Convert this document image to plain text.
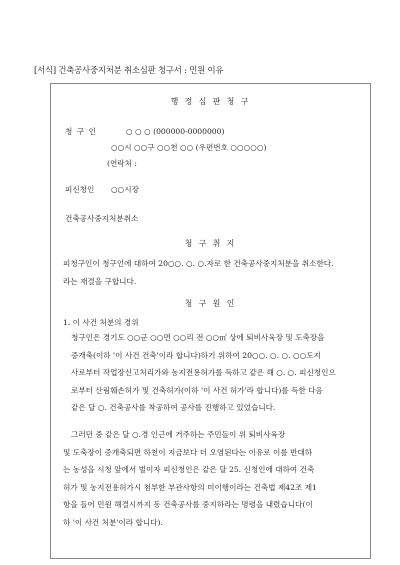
[서식] 건축공사중지처분 취소심판 청구서 : 민원 이유
행 정 심 판 청 구
청 구 인	○ ○ ○ (000000-0000000)
○○시 ○○구 ○○천 ○○ (우편번호 ○○○○○)
(연락처 :
피신청인 ○○시장
건축공사중지처분취소
청 구 취 지
피청구인이 청구인에 대하여 20○○. ○. ○.자로 한 건축공사중지처분을 취소한다.
라는 재결을 구합니다.
청 구 원 인
1. 이 사건 처분의 경위
청구인은 경기도 ○○군 ○○면 ○○리 전 ○○㎡ 상에 퇴비사육장 및 도축장을
증개축(이하 '이 사건 건축'이라 합니다)하기 위하여 20○○. ○. ○. ○○도지
사로부터 작업장신고처리가와 농지전용허가를 득하고 같은 해 ○. ○. 피신청인으
로부터 산림훼손허가 및 건축허가(이하 '이 사건 허가'라 합니다)를 득한 다음
같은 달 ○. 건축공사를 착공하여 공사를 진행하고 있었습니다.
그러던 중 같은 달 ○.경 인근에 거주하는 주민들이 위 퇴비사육장
및 도축장이 증개축되면 하천이 지금보다 더 오염된다는 이유로 이를 반대하
는 농성을 시청 앞에서 벌이자 피신청인은 같은 달 25. 신청인에 대하여 건축
허가 및 농지전용허가시 첨부한 부관사항의 미이행이라는 건축법 제42조 제1
항을 들어 민원 해결시까지 동 건축공사를 중지하라는 명령을 내렸습니다(이
하 '이 사건 처분'이라 합니다).
